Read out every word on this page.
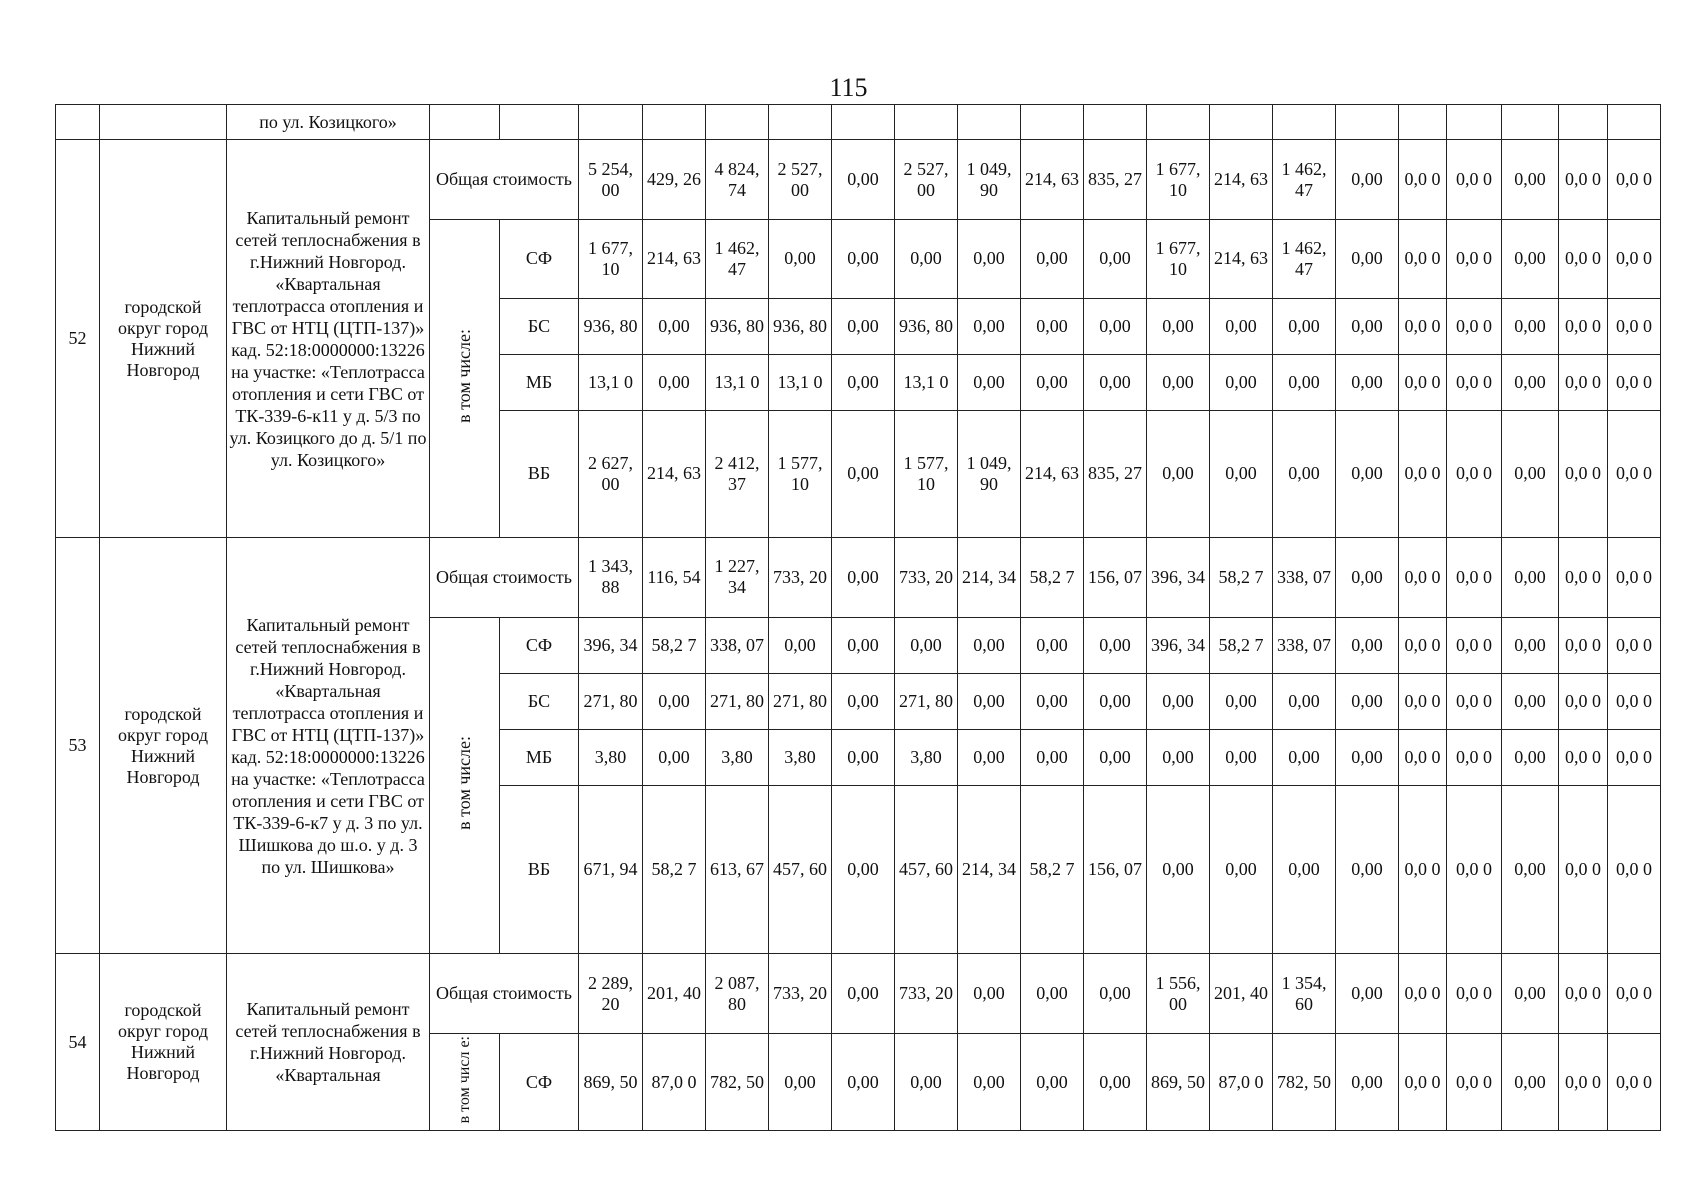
115
		по ул. Козицкого»																				
52	городской округ город Нижний Новгород	Капитальный ремонт сетей теплоснабжения в г.Нижний Новгород. «Квартальная теплотрасса отопления и ГВС от НТЦ (ЦТП-137)» кад. 52:18:0000000:13226 на участке: «Теплотрасса отопления и сети ГВС от ТК-339-6-к11 у д. 5/3 по ул. Козицкого до д. 5/1 по ул. Козицкого»	Общая стоимость		5 254, 00	429, 26	4 824, 74	2 527, 00	0,00	2 527, 00	1 049, 90	214, 63	835, 27	1 677, 10	214, 63	1 462, 47	0,00	0,0 0	0,0 0	0,00	0,0 0	0,0 0
			в том числе:	СФ	1 677, 10	214, 63	1 462, 47	0,00	0,00	0,00	0,00	0,00	0,00	1 677, 10	214, 63	1 462, 47	0,00	0,0 0	0,0 0	0,00	0,0 0	0,0 0
				БС	936, 80	0,00	936, 80	936, 80	0,00	936, 80	0,00	0,00	0,00	0,00	0,00	0,00	0,00	0,0 0	0,0 0	0,00	0,0 0	0,0 0
				МБ	13,1 0	0,00	13,1 0	13,1 0	0,00	13,1 0	0,00	0,00	0,00	0,00	0,00	0,00	0,00	0,0 0	0,0 0	0,00	0,0 0	0,0 0
				ВБ	2 627, 00	214, 63	2 412, 37	1 577, 10	0,00	1 577, 10	1 049, 90	214, 63	835, 27	0,00	0,00	0,00	0,00	0,0 0	0,0 0	0,00	0,0 0	0,0 0
53	городской округ город Нижний Новгород	Капитальный ремонт сетей теплоснабжения в г.Нижний Новгород. «Квартальная теплотрасса отопления и ГВС от НТЦ (ЦТП-137)» кад. 52:18:0000000:13226 на участке: «Теплотрасса отопления и сети ГВС от ТК-339-6-к7 у д. 3 по ул. Шишкова до ш.о. у д. 3 по ул. Шишкова»	Общая стоимость		1 343, 88	116, 54	1 227, 34	733, 20	0,00	733, 20	214, 34	58,2 7	156, 07	396, 34	58,2 7	338, 07	0,00	0,0 0	0,0 0	0,00	0,0 0	0,0 0
			в том числе:	СФ	396, 34	58,2 7	338, 07	0,00	0,00	0,00	0,00	0,00	0,00	396, 34	58,2 7	338, 07	0,00	0,0 0	0,0 0	0,00	0,0 0	0,0 0
				БС	271, 80	0,00	271, 80	271, 80	0,00	271, 80	0,00	0,00	0,00	0,00	0,00	0,00	0,00	0,0 0	0,0 0	0,00	0,0 0	0,0 0
				МБ	3,80	0,00	3,80	3,80	0,00	3,80	0,00	0,00	0,00	0,00	0,00	0,00	0,00	0,0 0	0,0 0	0,00	0,0 0	0,0 0
				ВБ	671, 94	58,2 7	613, 67	457, 60	0,00	457, 60	214, 34	58,2 7	156, 07	0,00	0,00	0,00	0,00	0,0 0	0,0 0	0,00	0,0 0	0,0 0
54	городской округ город Нижний Новгород	Капитальный ремонт сетей теплоснабжения в г.Нижний Новгород. «Квартальная	Общая стоимость		2 289, 20	201, 40	2 087, 80	733, 20	0,00	733, 20	0,00	0,00	0,00	1 556, 00	201, 40	1 354, 60	0,00	0,0 0	0,0 0	0,00	0,0 0	0,0 0
			в том числ е:	СФ	869, 50	87,0 0	782, 50	0,00	0,00	0,00	0,00	0,00	0,00	869, 50	87,0 0	782, 50	0,00	0,0 0	0,0 0	0,00	0,0 0	0,0 0
